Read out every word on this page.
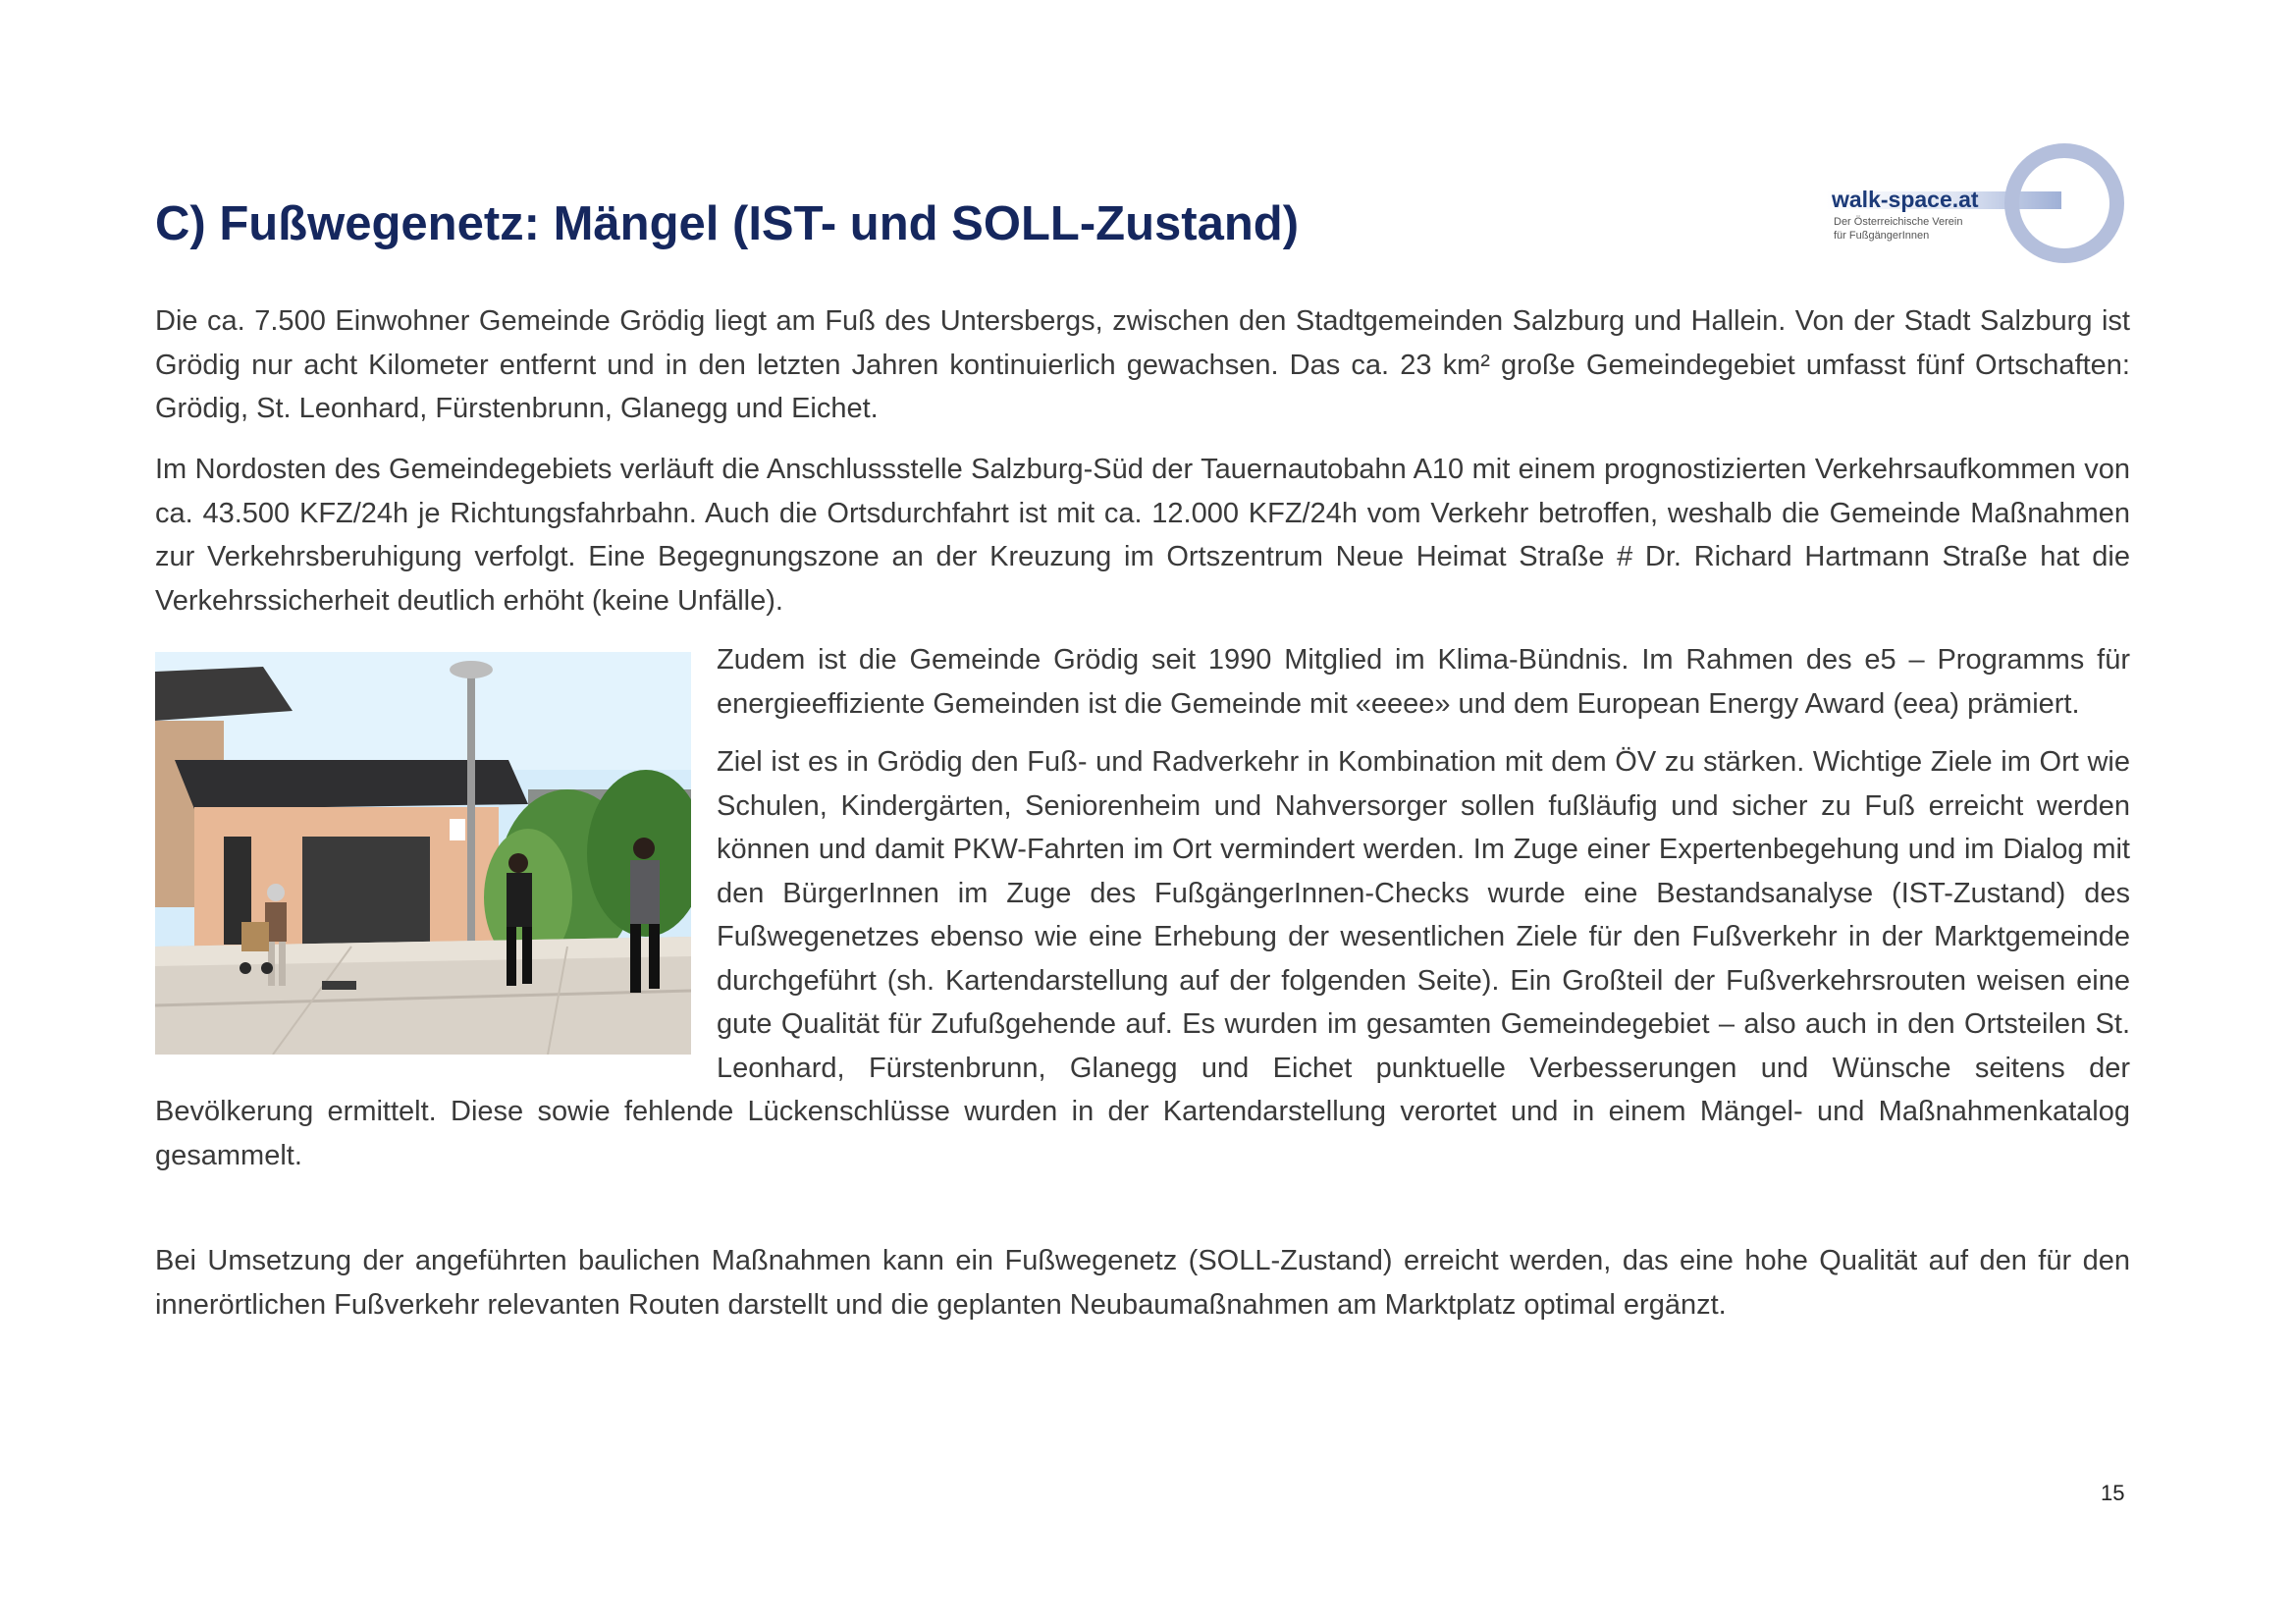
C) Fußwegenetz: Mängel (IST- und SOLL-Zustand)	walk-space.at
Der Österreichische Verein
für FußgängerInnen

Die ca. 7.500 Einwohner Gemeinde Grödig liegt am Fuß des Untersbergs, zwischen den Stadtgemeinden Salzburg und Hallein. Von der Stadt Salzburg ist Grödig nur acht Kilometer entfernt und in den letzten Jahren kontinuierlich gewachsen. Das ca. 23 km² große Gemeindegebiet umfasst fünf Ortschaften: Grödig, St. Leonhard, Fürstenbrunn, Glanegg und Eichet.

Im Nordosten des Gemeindegebiets verläuft die Anschlussstelle Salzburg-Süd der Tauernautobahn A10 mit einem prognostizierten Verkehrsaufkommen von ca. 43.500 KFZ/24h je Richtungsfahrbahn. Auch die Ortsdurchfahrt ist mit ca. 12.000 KFZ/24h vom Verkehr betroffen, weshalb die Gemeinde Maßnahmen zur Verkehrsberuhigung verfolgt. Eine Begegnungszone an der Kreuzung im Ortszentrum Neue Heimat Straße # Dr. Richard Hartmann Straße hat die Verkehrssicherheit deutlich erhöht (keine Unfälle).

Zudem ist die Gemeinde Grödig seit 1990 Mitglied im Klima-Bündnis. Im Rahmen des e5 – Programms für energieeffiziente Gemeinden ist die Gemeinde mit «eeee» und dem European Energy Award (eea) prämiert.

Ziel ist es in Grödig den Fuß- und Radverkehr in Kombination mit dem ÖV zu stärken. Wichtige Ziele im Ort wie Schulen, Kindergärten, Seniorenheim und Nahversorger sollen fußläufig und sicher zu Fuß erreicht werden können und damit PKW-Fahrten im Ort vermindert werden. Im Zuge einer Expertenbegehung und im Dialog mit den BürgerInnen im Zuge des FußgängerInnen-Checks wurde eine Bestandsanalyse (IST-Zustand) des Fußwegenetzes ebenso wie eine Erhebung der wesentlichen Ziele für den Fußverkehr in der Marktgemeinde durchgeführt (sh. Kartendarstellung auf der folgenden Seite). Ein Großteil der Fußverkehrsrouten weisen eine gute Qualität für Zufußgehende auf. Es wurden im gesamten Gemeindegebiet – also auch in den Ortsteilen St. Leonhard, Fürstenbrunn, Glanegg und Eichet punktuelle Verbesserungen und Wünsche seitens der Bevölkerung ermittelt. Diese sowie fehlende Lückenschlüsse wurden in der Kartendarstellung verortet und in einem Mängel- und Maßnahmenkatalog gesammelt.

Bei Umsetzung der angeführten baulichen Maßnahmen kann ein Fußwegenetz (SOLL-Zustand) erreicht werden, das eine hohe Qualität auf den für den innerörtlichen Fußverkehr relevanten Routen darstellt und die geplanten Neubaumaßnahmen am Marktplatz optimal ergänzt.

15
